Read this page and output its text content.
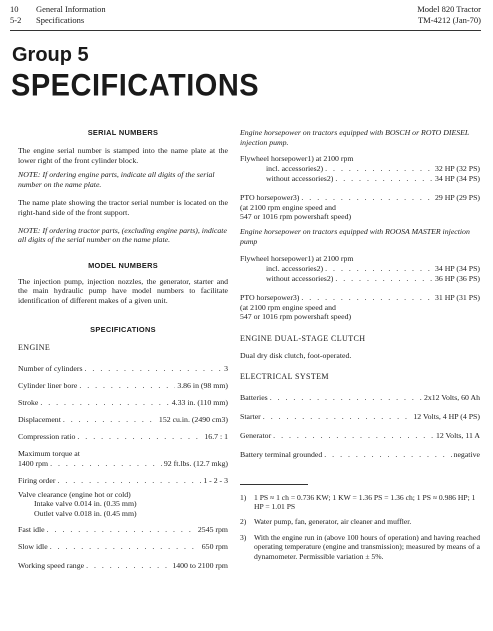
10	General Information
5-2	Specifications
Model 820 Tractor
TM-4212 (Jan-70)
Group 5
SPECIFICATIONS
SERIAL NUMBERS

The engine serial number is stamped into the name plate at the lower right of the front cylinder block.

NOTE: If ordering engine parts, indicate all digits of the serial number on the name plate.

The name plate showing the tractor serial number is located on the right-hand side of the front support.

NOTE: If ordering tractor parts, (excluding engine parts), indicate all digits of the serial number on the name plate.

MODEL NUMBERS

The injection pump, injection nozzles, the generator, starter and the main hydraulic pump have model numbers to facilitate identification of different makes of a given unit.

SPECIFICATIONS
ENGINE
Number of cylinders . . .	3
Cylinder liner bore . . .	3.86 in (98 mm)
Stroke . . .	4.33 in. (110 mm)
Displacement . . .	152 cu.in. (2490 cm3)
Compression ratio . . .	16.7 : 1
Maximum torque at
1400 rpm . . .	92 ft.lbs. (12.7 mkg)
Firing order . . .	1 - 2 - 3
Valve clearance (engine hot or cold)
Intake valve 0.014 in. (0.35 mm)
Outlet valve 0.018 in. (0.45 mm)
Fast idle . . .	2545 rpm
Slow idle . . .	650 rpm
Working speed range . . .	1400 to 2100 rpm

Engine horsepower on tractors equipped with BOSCH or ROTO DIESEL injection pump.

Flywheel horsepower1) at 2100 rpm
incl. accessories2) . . .	32 HP (32 PS)
without accessories2) . . .	34 HP (34 PS)
PTO horsepower3) . . .	29 HP (29 PS)
(at 2100 rpm engine speed and
547 or 1016 rpm powershaft speed)

Engine horsepower on tractors equipped with ROOSA MASTER injection pump

Flywheel horsepower1) at 2100 rpm
incl. accessories2) . . .	34 HP (34 PS)
without accessories2) . . .	36 HP (36 PS)
PTO horsepower3) . . .	31 HP (31 PS)
(at 2100 rpm engine speed and
547 or 1016 rpm powershaft speed)
ENGINE DUAL-STAGE CLUTCH
Dual dry disk clutch, foot-operated.
ELECTRICAL SYSTEM
Batteries . . .	2x12 Volts, 60 Ah
Starter . . .	12 Volts, 4 HP (4 PS)
Generator . . .	12 Volts, 11 A
Battery terminal grounded . . .	negative
1)	1 PS ≈ 1 ch = 0.736 KW; 1 KW = 1.36 PS = 1.36 ch; 1 PS ≈ 0.986 HP; 1 HP = 1.01 PS
2)	Water pump, fan, generator, air cleaner and muffler.
3)	With the engine run in (above 100 hours of operation) and having reached operating temperature (engine and transmission); measured by means of a dynamometer. Permissible variation ± 5%.
